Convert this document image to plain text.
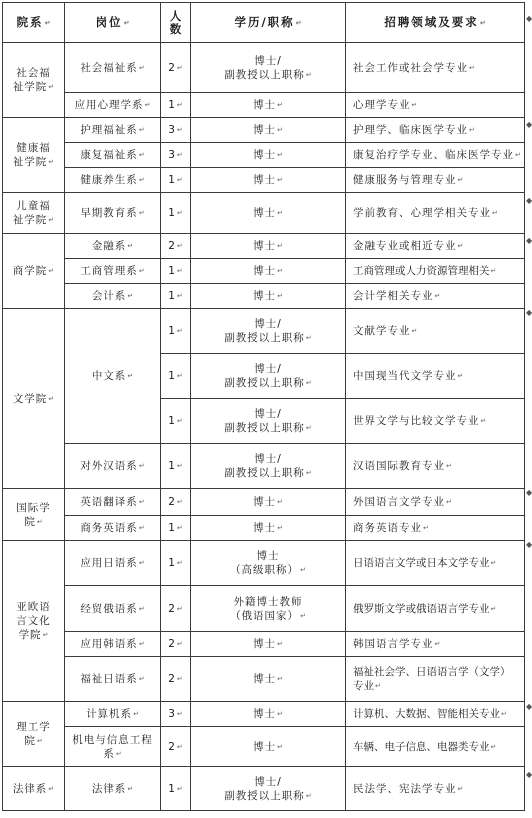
院系↵	岗位↵	人数	学历/职称↵	招聘领域及要求↵
社会福祉学院↵	社会福祉系↵	2↵	博士/
副教授以上职称↵	社会工作或社会学专业↵
	应用心理学系↵	1↵	博士↵	心理学专业↵
健康福祉学院↵	护理福祉系↵	3↵	博士↵	护理学、临床医学专业↵
	康复福祉系↵	3↵	博士↵	康复治疗学专业、临床医学专业↵
	健康养生系↵	1↵	博士↵	健康服务与管理专业↵
儿童福祉学院↵	早期教育系↵	1↵	博士↵	学前教育、心理学相关专业↵
商学院↵	金融系↵	2↵	博士↵	金融专业或相近专业↵
	工商管理系↵	1↵	博士↵	工商管理或人力资源管理相关↵
	会计系↵	1↵	博士↵	会计学相关专业↵
文学院↵	中文系↵	1↵	博士/
副教授以上职称↵	文献学专业↵
		1↵	博士/
副教授以上职称↵	中国现当代文学专业↵
		1↵	博士/
副教授以上职称↵	世界文学与比较文学专业↵
	对外汉语系↵	1↵	博士/
副教授以上职称↵	汉语国际教育专业↵
国际学院↵	英语翻译系↵	2↵	博士↵	外国语言文学专业↵
	商务英语系↵	1↵	博士↵	商务英语专业↵
亚欧语言文化学院↵	应用日语系↵	1↵	博士
（高级职称）↵	日语语言文学或日本文学专业↵
	经贸俄语系↵	2↵	外籍博士教师
（俄语国家）↵	俄罗斯文学或俄语语言学专业↵
	应用韩语系↵	2↵	博士↵	韩国语言学专业↵
	福祉日语系↵	2↵	博士↵	福祉社会学、日语语言学（文学）
专业↵
理工学院↵	计算机系↵	3↵	博士↵	计算机、大数据、智能相关专业↵
	机电与信息工程系↵	2↵	博士↵	车辆、电子信息、电器类专业↵
法律系↵	法律系↵	1↵	博士/
副教授以上职称↵	民法学、宪法学专业↵
◆
◆
◆
◆
◆
◆
◆
◆
◆
